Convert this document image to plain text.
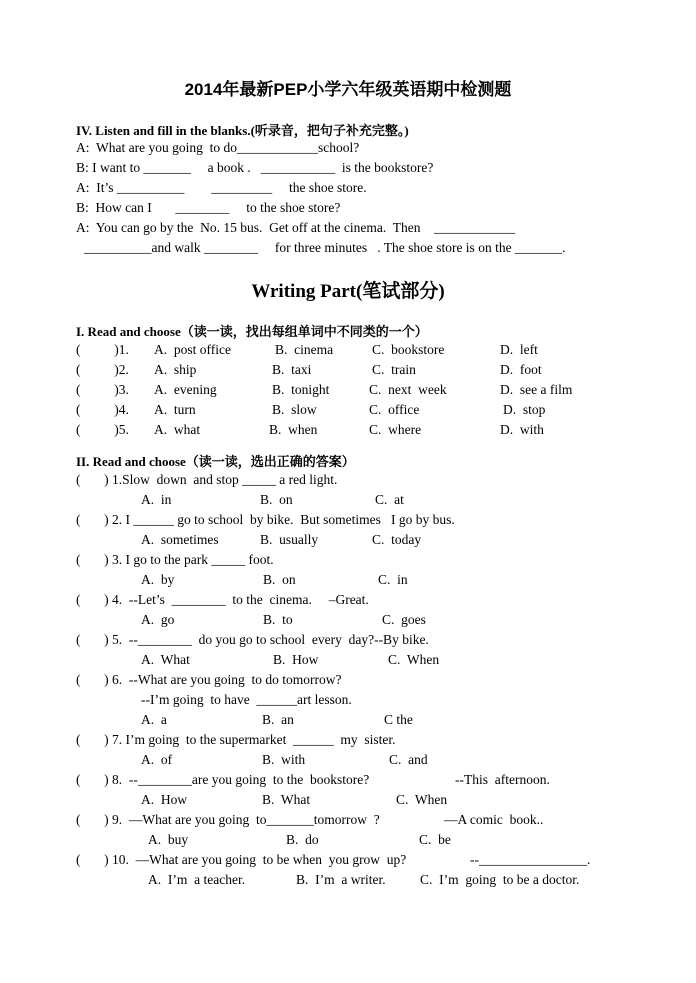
2014年最新PEP小学六年级英语期中检测题
IV. Listen and fill in the blanks.(听录音，把句子补充完整。)
A:  What are you going  to do____________school?
B: I want to _______     a book .   ___________  is the bookstore?
A:  It’s __________        _________     the shoe store.
B:  How can I       ________     to the shoe store?
A:  You can go by the  No. 15 bus.  Get off at the cinema.  Then    ____________
__________and walk ________     for three minutes   . The shoe store is on the _______.
Writing Part(笔试部分)
I. Read and choose（读一读，找出每组单词中不同类的一个）
(          )1. A.  post office	B.  cinema	C.  bookstore	D.  left
(          )2. A.  ship	B.  taxi	C.  train	D.  foot
(          )3. A.  evening	B.  tonight	C.  next  week	D.  see a film
(          )4. A.  turn	B.  slow	C.  office	D.  stop
(          )5. A.  what	B.  when	C.  where	D.  with
II. Read and choose（读一读，选出正确的答案）
(       ) 1.Slow  down  and stop _____ a red light.
A.  in	B.  on	C.  at
(       ) 2. I ______ go to school  by bike.  But sometimes   I go by bus.
A.  sometimes	B.  usually	C.  today
(       ) 3. I go to the park _____ foot.
A.  by	B.  on	C.  in
(       ) 4.  --Let’s  ________  to the  cinema.     –Great.
A.  go	B.  to	C.  goes
(       ) 5.  --________  do you go to school  every  day?--By bike.
A.  What	B.  How	C.  When
(       ) 6.  --What are you going  to do tomorrow?
--I’m going  to have  ______art lesson.
A.  a	B.  an	C the
(       ) 7. I’m going  to the supermarket  ______  my  sister.
A.  of	B.  with	C.  and
(       ) 8.  --________are you going  to the  bookstore?	--This  afternoon.
A.  How	B.  What	C.  When
(       ) 9.  —What are you going  to_______tomorrow  ?	—A comic  book..
A.  buy	B.  do	C.  be
(       ) 10.  —What are you going  to be when  you grow  up?	--________________.
A.  I’m  a teacher.	B.  I’m  a writer.	C.  I’m  going  to be a doctor.
